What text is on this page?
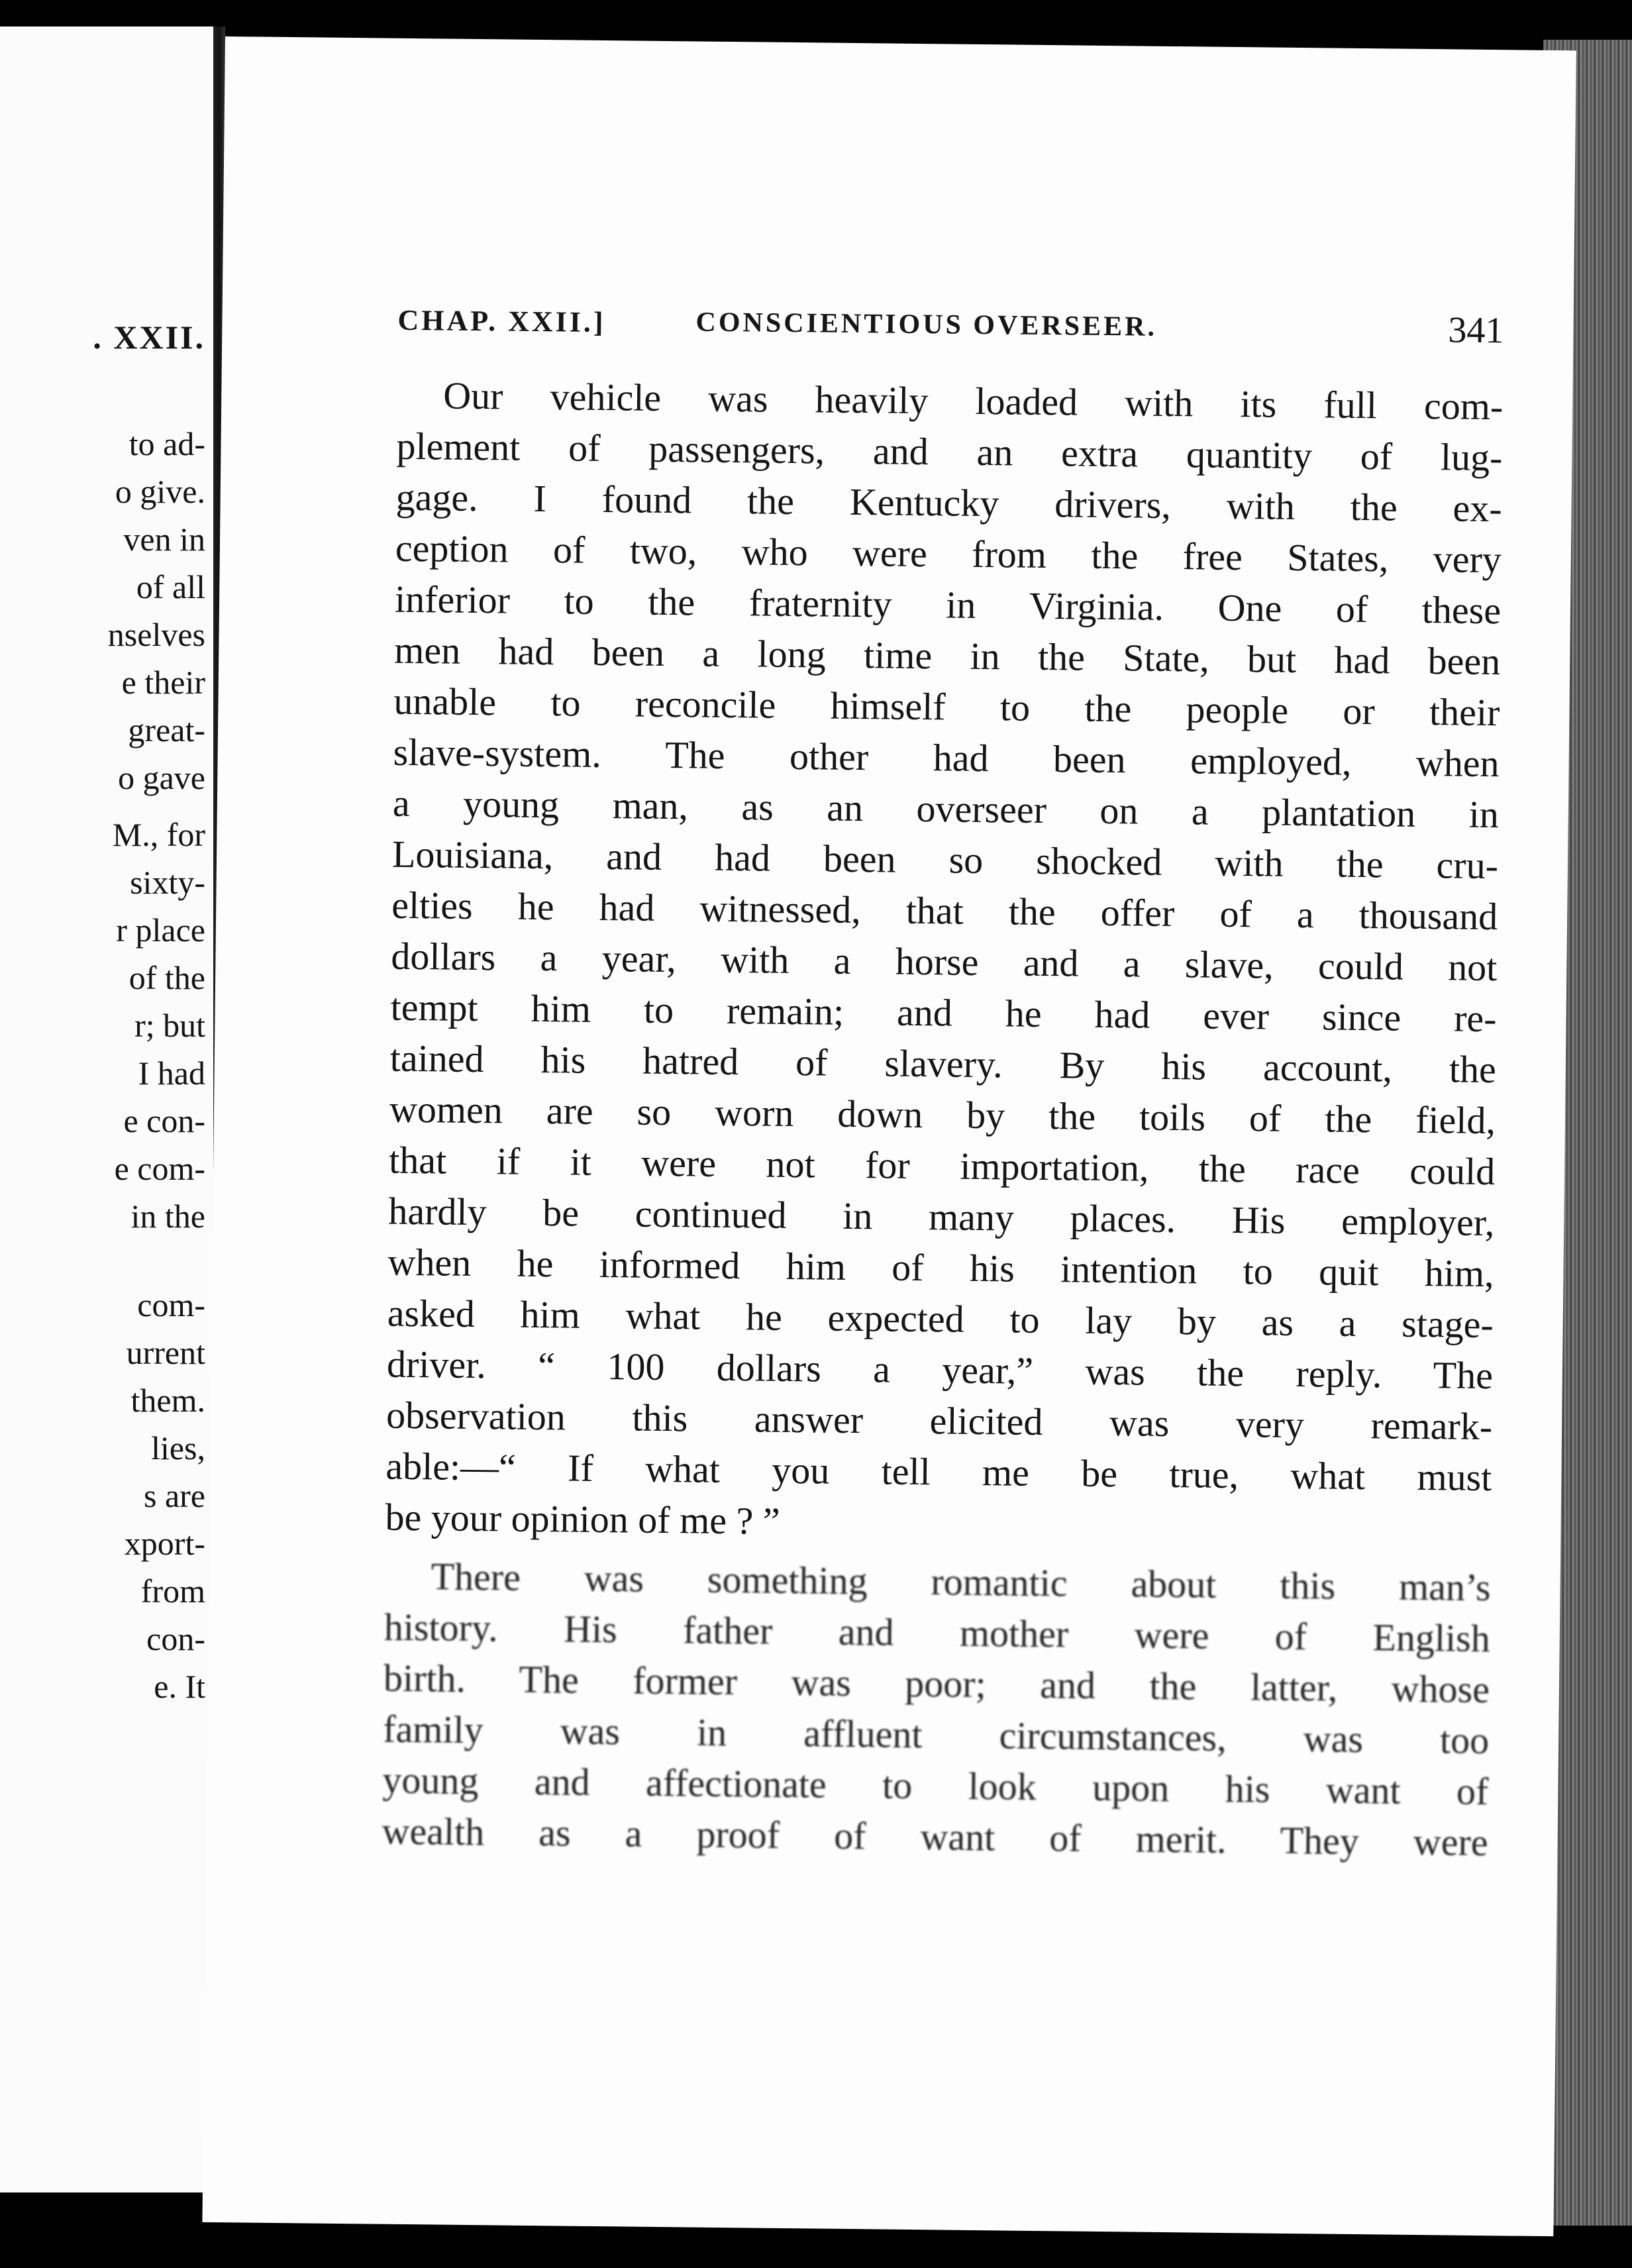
. XXII.
to ad-
o give.
ven in
of all
nselves
e their
great-
o gave
M., for
sixty-
r place
of the
r; but
I had
e con-
e com-
in the
com-
urrent
them.
lies,
s are
xport-
from
con-
e. It
CHAP. XXII.]	CONSCIENTIOUS OVERSEER.	341
Our vehicle was heavily loaded with its full com-
plement of passengers, and an extra quantity of lug-
gage. I found the Kentucky drivers, with the ex-
ception of two, who were from the free States, very
inferior to the fraternity in Virginia. One of these
men had been a long time in the State, but had been
unable to reconcile himself to the people or their
slave-system. The other had been employed, when
a young man, as an overseer on a plantation in
Louisiana, and had been so shocked with the cru-
elties he had witnessed, that the offer of a thousand
dollars a year, with a horse and a slave, could not
tempt him to remain; and he had ever since re-
tained his hatred of slavery. By his account, the
women are so worn down by the toils of the field,
that if it were not for importation, the race could
hardly be continued in many places. His employer,
when he informed him of his intention to quit him,
asked him what he expected to lay by as a stage-
driver. “ 100 dollars a year,” was the reply. The
observation this answer elicited was very remark-
able:—“ If what you tell me be true, what must
be your opinion of me ? ”
There was something romantic about this man’s
history. His father and mother were of English
birth. The former was poor; and the latter, whose
family was in affluent circumstances, was too
young and affectionate to look upon his want of
wealth as a proof of want of merit. They were
